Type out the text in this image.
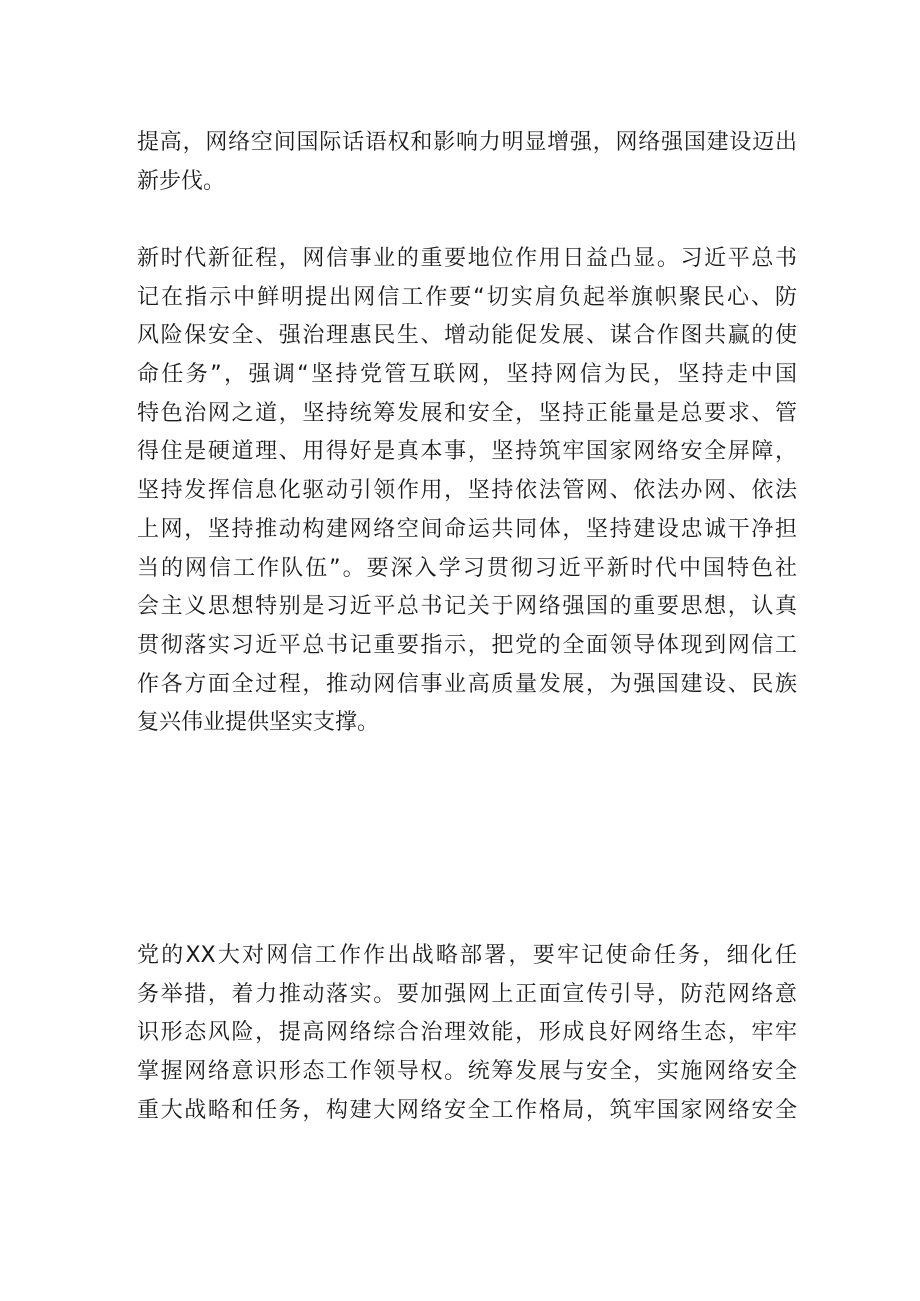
提高，网络空间国际话语权和影响力明显增强，网络强国建设迈出
新步伐。
新时代新征程，网信事业的重要地位作用日益凸显。习近平总书
记在指示中鲜明提出网信工作要“切实肩负起举旗帜聚民心、防
风险保安全、强治理惠民生、增动能促发展、谋合作图共赢的使
命任务”，强调“坚持党管互联网，坚持网信为民，坚持走中国
特色治网之道，坚持统筹发展和安全，坚持正能量是总要求、管
得住是硬道理、用得好是真本事，坚持筑牢国家网络安全屏障，
坚持发挥信息化驱动引领作用，坚持依法管网、依法办网、依法
上网，坚持推动构建网络空间命运共同体，坚持建设忠诚干净担
当的网信工作队伍”。要深入学习贯彻习近平新时代中国特色社
会主义思想特别是习近平总书记关于网络强国的重要思想，认真
贯彻落实习近平总书记重要指示，把党的全面领导体现到网信工
作各方面全过程，推动网信事业高质量发展，为强国建设、民族
复兴伟业提供坚实支撑。
党的XX大对网信工作作出战略部署，要牢记使命任务，细化任
务举措，着力推动落实。要加强网上正面宣传引导，防范网络意
识形态风险，提高网络综合治理效能，形成良好网络生态，牢牢
掌握网络意识形态工作领导权。统筹发展与安全，实施网络安全
重大战略和任务，构建大网络安全工作格局，筑牢国家网络安全
